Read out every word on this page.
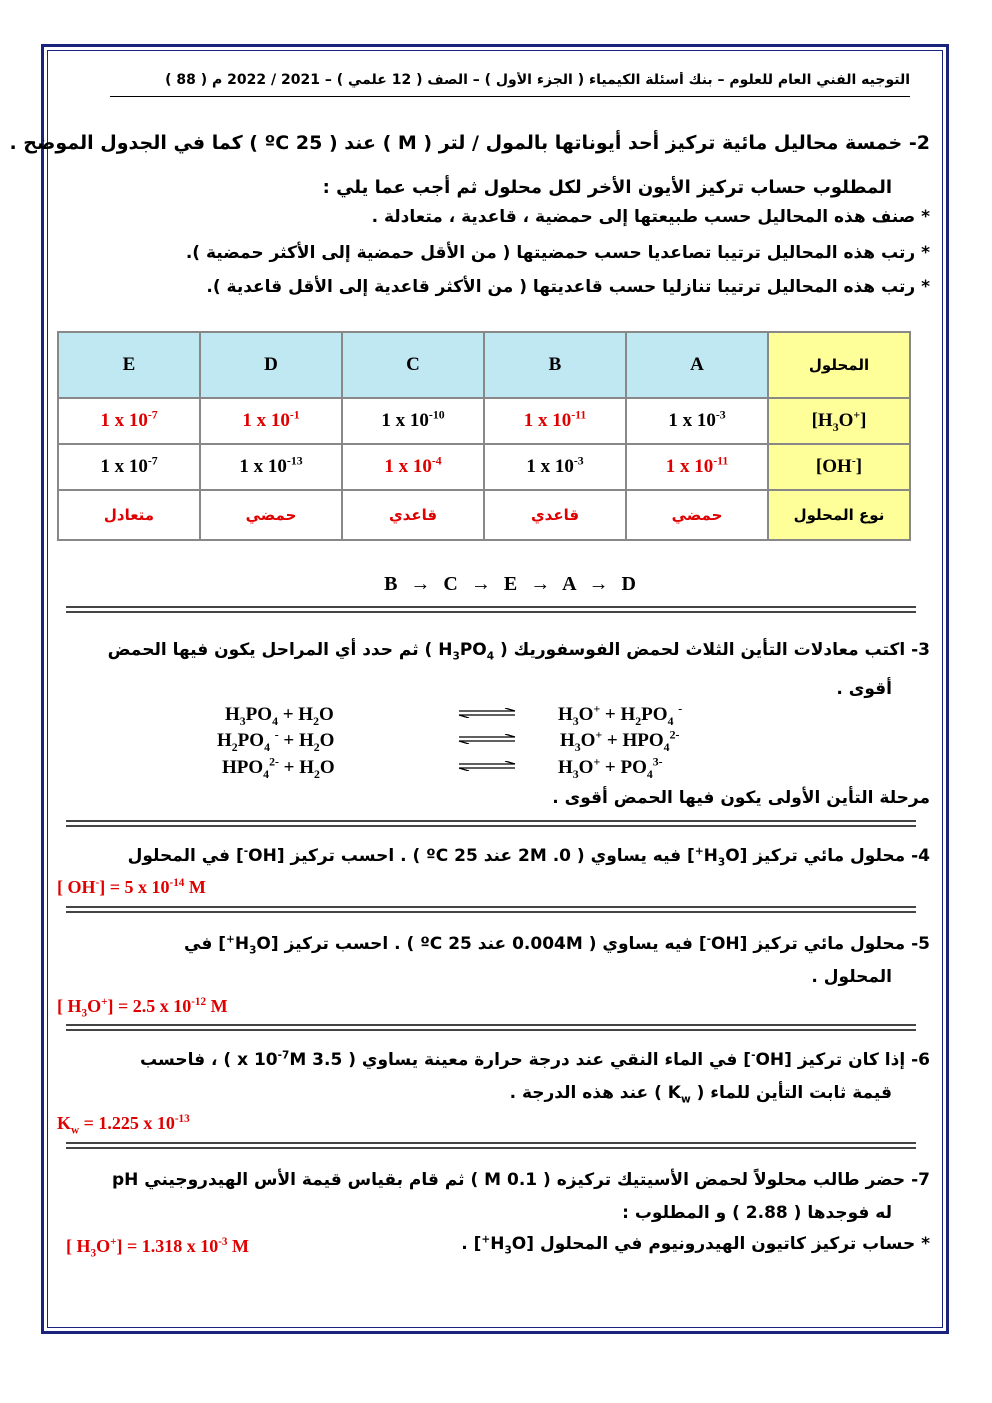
التوجيه الفني العام للعلوم – بنك أسئلة الكيمياء ( الجزء الأول ) – الصف ( 12 علمي ) – 2021 / 2022 م ( 88 )
2- خمسة محاليل مائية تركيز أحد أيوناتها بالمول / لتر ( M ) عند ( 25 ºC ) كما في الجدول الموضح .
المطلوب حساب تركيز الأيون الأخر لكل محلول ثم أجب عما يلي :
* صنف هذه المحاليل حسب طبيعتها إلى حمضية ، قاعدية ، متعادلة .
* رتب هذه المحاليل ترتيبا تصاعديا حسب حمضيتها ( من الأقل حمضية إلى الأكثر حمضية ).
* رتب هذه المحاليل ترتيبا تنازليا حسب قاعديتها ( من الأكثر قاعدية إلى الأقل قاعدية ).
E	D	C	B	A	المحلول
1 x $10^{-7}$	1 x $10^{-1}$	1 x $10^{-10}$	1 x $10^{-11}$	1 x $10^{-3}$	$[H_3O^+]$
1 x $10^{-7}$	1 x $10^{-13}$	1 x $10^{-4}$	1 x $10^{-3}$	1 x $10^{-11}$	[OH-]
متعادل	حمضي	قاعدي	قاعدي	حمضي	نوع المحلول
B → C → E → A → D
3- اكتب معادلات التأين الثلاث لحمض الفوسفوريك ( $H_3PO_4$ ) ثم حدد أي المراحل يكون فيها الحمض
أقوى .
$H_3PO_4 + H_2O$	$H_3O^+ + H_2PO_4$ -
$H_2PO_4$ $^- + H_2O$	$H_3O^+ + HPO_4^{2-}$
$HPO_4^{2-} + H_2O$	$H_3O^+ + PO_4^{3-}$
مرحلة التأين الأولى يكون فيها الحمض أقوى .
4- محلول مائي تركيز $[H_3O^+]$ فيه يساوي ( 0. 2M عند 25 ºC ) . احسب تركيز [OH-] في المحلول
[ OH-] = 5 x $10^{-14}$ M
5- محلول مائي تركيز [OH-] فيه يساوي ( 0.004M عند 25 ºC ) . احسب تركيز $[H_3O^+]$ في
المحلول .
[ $H_3O^+] = 2.5$ x $10^{-12}$ M
6- إذا كان تركيز [OH-] في الماء النقي عند درجة حرارة معينة يساوي ( 3.5 x $10^{-7}M$ ) ، فاحسب
قيمة ثابت التأين للماء ( $K_w$ ) عند هذه الدرجة .
$K_w = 1.225$ x $10^{-13}$
7- حضر طالب محلولاً لحمض الأسيتيك تركيزه ( 0.1 M ) ثم قام بقياس قيمة الأس الهيدروجيني pH
له فوجدها ( 2.88 ) و المطلوب :
* حساب تركيز كاتيون الهيدرونيوم في المحلول $[H_3O^+]$ .
[ $H_3O^+] = 1.318$ x $10^{-3}$ M
